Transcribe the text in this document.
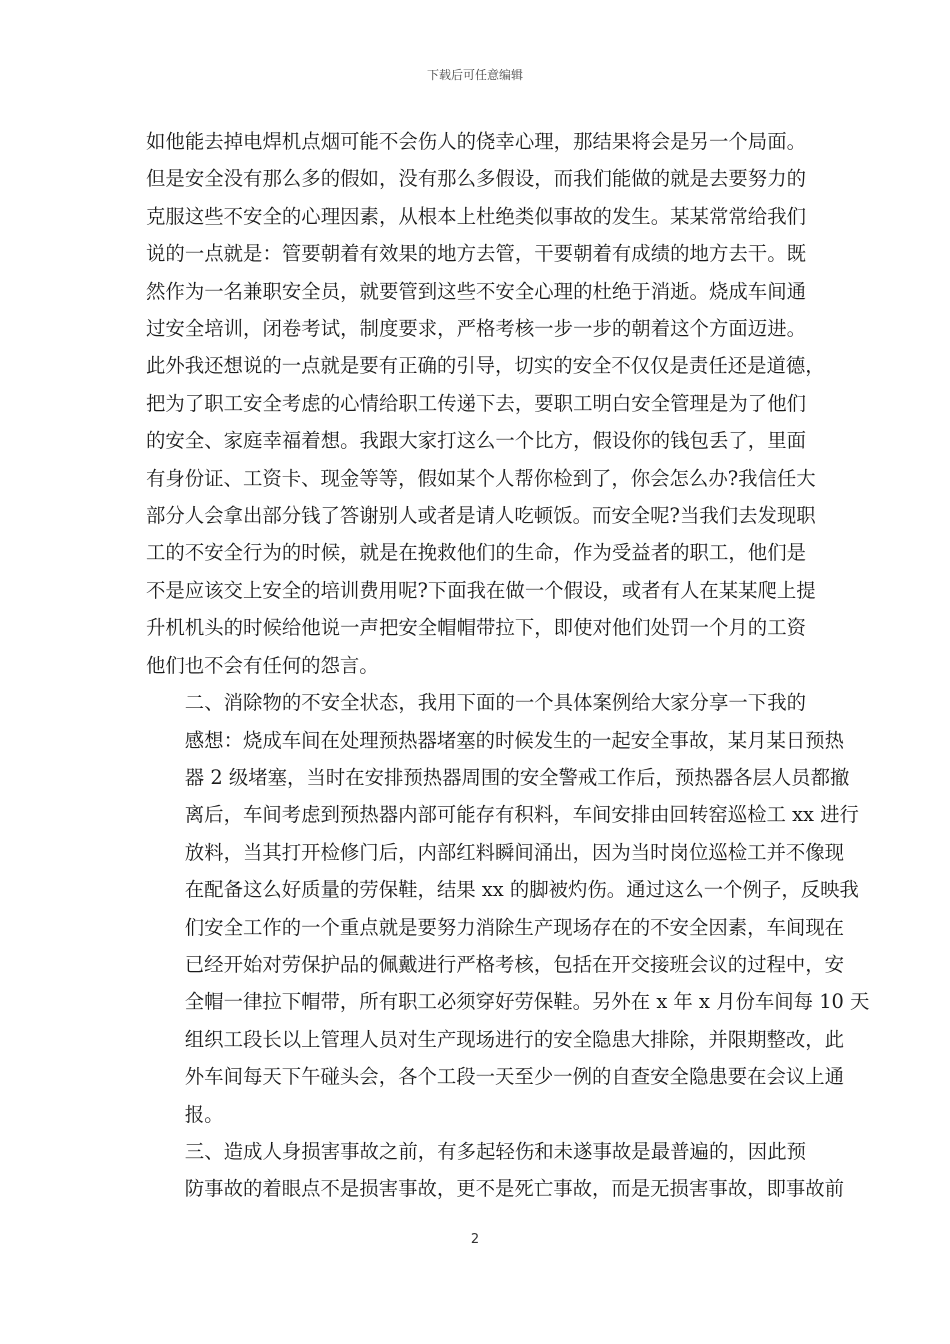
下载后可任意编辑
如他能去掉电焊机点烟可能不会伤人的侥幸心理，那结果将会是另一个局面。
但是安全没有那么多的假如，没有那么多假设，而我们能做的就是去要努力的
克服这些不安全的心理因素，从根本上杜绝类似事故的发生。某某常常给我们
说的一点就是：管要朝着有效果的地方去管，干要朝着有成绩的地方去干。既
然作为一名兼职安全员，就要管到这些不安全心理的杜绝于消逝。烧成车间通
过安全培训，闭卷考试，制度要求，严格考核一步一步的朝着这个方面迈进。
此外我还想说的一点就是要有正确的引导，切实的安全不仅仅是责任还是道德，
把为了职工安全考虑的心情给职工传递下去，要职工明白安全管理是为了他们
的安全、家庭幸福着想。我跟大家打这么一个比方，假设你的钱包丢了，里面
有身份证、工资卡、现金等等，假如某个人帮你检到了，你会怎么办?我信任大
部分人会拿出部分钱了答谢别人或者是请人吃顿饭。而安全呢?当我们去发现职
工的不安全行为的时候，就是在挽救他们的生命，作为受益者的职工，他们是
不是应该交上安全的培训费用呢?下面我在做一个假设，或者有人在某某爬上提
升机机头的时候给他说一声把安全帽帽带拉下，即使对他们处罚一个月的工资
他们也不会有任何的怨言。
二、消除物的不安全状态，我用下面的一个具体案例给大家分享一下我的
感想：烧成车间在处理预热器堵塞的时候发生的一起安全事故，某月某日预热
器 2 级堵塞，当时在安排预热器周围的安全警戒工作后，预热器各层人员都撤
离后，车间考虑到预热器内部可能存有积料，车间安排由回转窑巡检工 xx 进行
放料，当其打开检修门后，内部红料瞬间涌出，因为当时岗位巡检工并不像现
在配备这么好质量的劳保鞋，结果 xx 的脚被灼伤。通过这么一个例子，反映我
们安全工作的一个重点就是要努力消除生产现场存在的不安全因素，车间现在
已经开始对劳保护品的佩戴进行严格考核，包括在开交接班会议的过程中，安
全帽一律拉下帽带，所有职工必须穿好劳保鞋。另外在 x 年 x 月份车间每 10 天
组织工段长以上管理人员对生产现场进行的安全隐患大排除，并限期整改，此
外车间每天下午碰头会，各个工段一天至少一例的自查安全隐患要在会议上通
报。
三、造成人身损害事故之前，有多起轻伤和未遂事故是最普遍的，因此预
防事故的着眼点不是损害事故，更不是死亡事故，而是无损害事故，即事故前
2
